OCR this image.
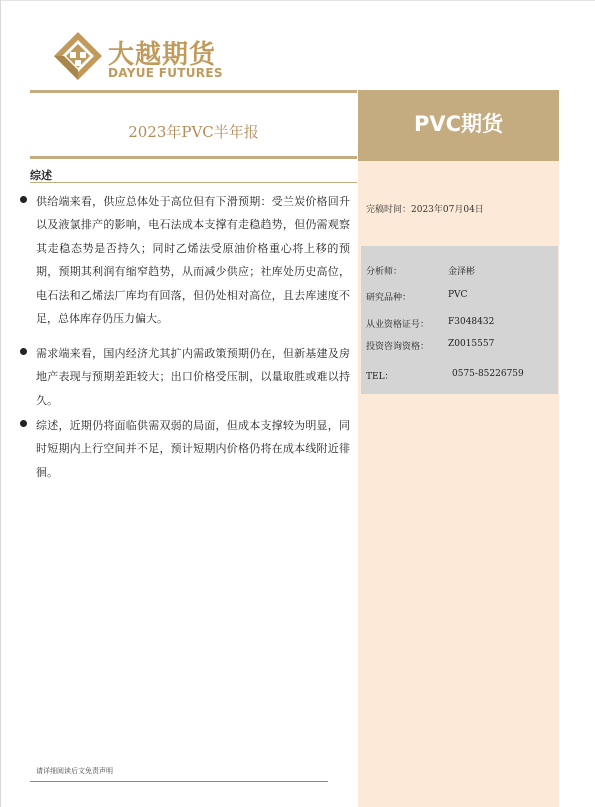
大越期货
DAYUE FUTURES
2023年PVC半年报	PVC期货
完稿时间：2023年07月04日
分析师：	金泽彬
研究品种：	PVC
从业资格证号： F3048432
投资咨询资格： Z0015557
TEL：	0575-85226759
综述
供给端来看，供应总体处于高位但有下滑预期：受兰炭价格回升以及液氯排产的影响，电石法成本支撑有走稳趋势，但仍需观察其走稳态势是否持久；同时乙烯法受原油价格重心将上移的预期，预期其利润有缩窄趋势，从而减少供应；社库处历史高位，电石法和乙烯法厂库均有回落，但仍处相对高位，且去库速度不足，总体库存仍压力偏大。
需求端来看，国内经济尤其扩内需政策预期仍在，但新基建及房地产表现与预期差距较大；出口价格受压制，以量取胜或难以持久。
综述，近期仍将面临供需双弱的局面，但成本支撑较为明显，同时短期内上行空间并不足，预计短期内价格仍将在成本线附近徘徊。
请详细阅读后文免责声明
